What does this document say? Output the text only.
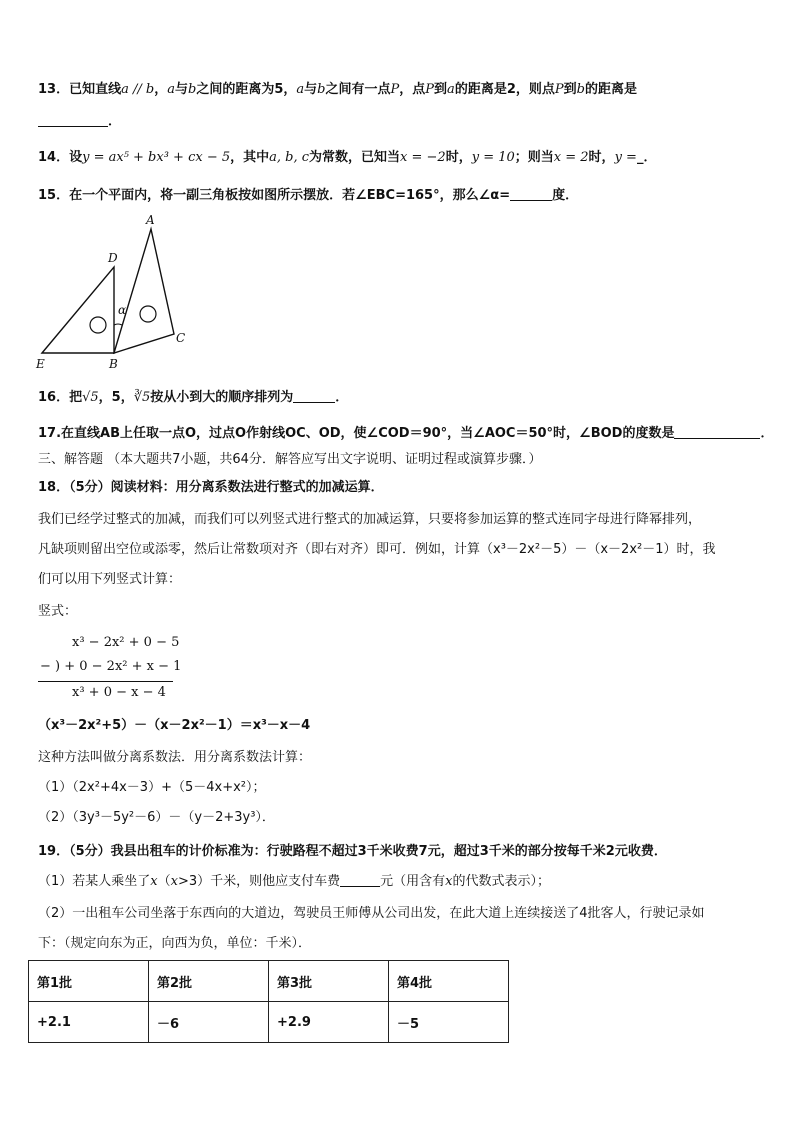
13．已知直线a // b，a与b之间的距离为5，a与b之间有一点P，点P到a的距离是2，则点P到b的距离是
．
14．设y = ax⁵ + bx³ + cx − 5，其中a, b, c为常数，已知当x = −2时，y = 10；则当x = 2时，y =_．
15．在一个平面内，将一副三角板按如图所示摆放．若∠EBC=165°，那么∠α=	度．
A
D
α
E	B
C
16．把√5，5，∛5按从小到大的顺序排列为	．
17.在直线AB上任取一点O，过点O作射线OC、OD，使∠COD＝90°，当∠AOC＝50°时，∠BOD的度数是	．
三、解答题 （本大题共7小题，共64分．解答应写出文字说明、证明过程或演算步骤．）
18．（5分）阅读材料：用分离系数法进行整式的加减运算．
我们已经学过整式的加减，而我们可以列竖式进行整式的加减运算，只要将参加运算的整式连同字母进行降幂排列，
凡缺项则留出空位或添零，然后让常数项对齐（即右对齐）即可．例如，计算（x³－2x²－5）－（x－2x²－1）时，我
们可以用下列竖式计算：
竖式：
x³ − 2x² + 0 − 5
− ) + 0 − 2x² + x − 1
x³ + 0 − x − 4
（x³－2x²+5）－（x－2x²－1）＝x³－x－4
这种方法叫做分离系数法．用分离系数法计算：
（1）（2x²+4x－3）+（5－4x+x²）；
（2）（3y³－5y²－6）－（y－2+3y³）．
19．（5分）我县出租车的计价标准为：行驶路程不超过3千米收费7元，超过3千米的部分按每千米2元收费．
（1）若某人乘坐了x（x>3）千米，则他应支付车费	元（用含有x的代数式表示）；
（2）一出租车公司坐落于东西向的大道边，驾驶员王师傅从公司出发，在此大道上连续接送了4批客人，行驶记录如
下：（规定向东为正，向西为负，单位：千米）．
第1批	第2批	第3批	第4批
+2.1	－6	+2.9	－5
